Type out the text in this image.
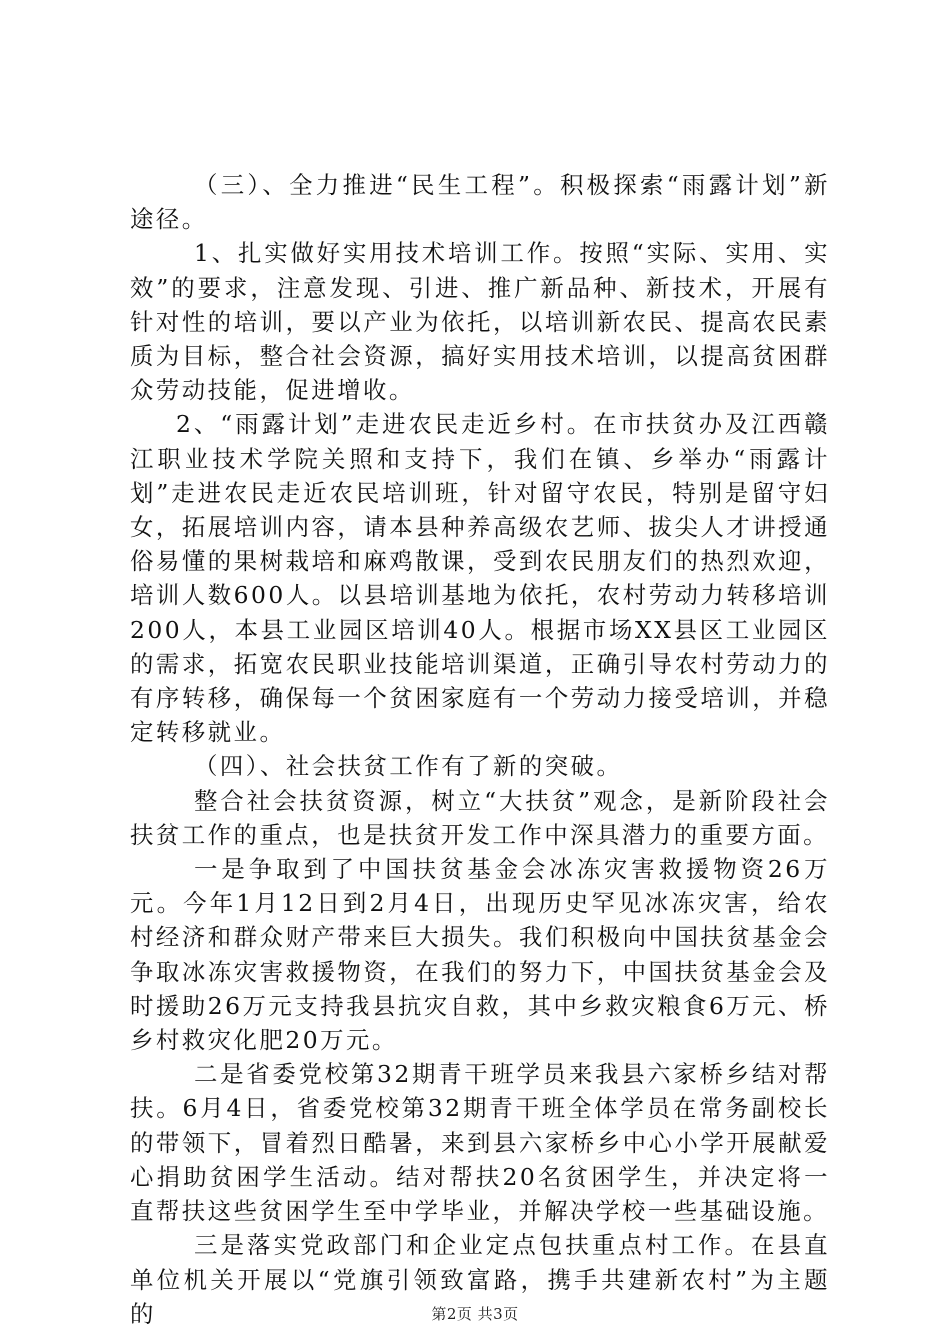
（三）、全力推进“民生工程”。积极探索“雨露计划”新途径。

1、扎实做好实用技术培训工作。按照“实际、实用、实效”的要求，注意发现、引进、推广新品种、新技术，开展有针对性的培训，要以产业为依托，以培训新农民、提高农民素质为目标，整合社会资源，搞好实用技术培训，以提高贫困群众劳动技能，促进增收。

2、“雨露计划”走进农民走近乡村。在市扶贫办及江西赣江职业技术学院关照和支持下，我们在镇、乡举办“雨露计划”走进农民走近农民培训班，针对留守农民，特别是留守妇女，拓展培训内容，请本县种养高级农艺师、拔尖人才讲授通俗易懂的果树栽培和麻鸡散课，受到农民朋友们的热烈欢迎，培训人数600人。以县培训基地为依托，农村劳动力转移培训200人，本县工业园区培训40人。根据市场XX县区工业园区的需求，拓宽农民职业技能培训渠道，正确引导农村劳动力的有序转移，确保每一个贫困家庭有一个劳动力接受培训，并稳定转移就业。

（四）、社会扶贫工作有了新的突破。

整合社会扶贫资源，树立“大扶贫”观念，是新阶段社会扶贫工作的重点，也是扶贫开发工作中深具潜力的重要方面。

一是争取到了中国扶贫基金会冰冻灾害救援物资26万元。今年1月12日到2月4日，出现历史罕见冰冻灾害，给农村经济和群众财产带来巨大损失。我们积极向中国扶贫基金会争取冰冻灾害救援物资，在我们的努力下，中国扶贫基金会及时援助26万元支持我县抗灾自救，其中乡救灾粮食6万元、桥乡村救灾化肥20万元。

二是省委党校第32期青干班学员来我县六家桥乡结对帮扶。6月4日，省委党校第32期青干班全体学员在常务副校长的带领下，冒着烈日酷暑，来到县六家桥乡中心小学开展献爱心捐助贫困学生活动。结对帮扶20名贫困学生，并决定将一直帮扶这些贫困学生至中学毕业，并解决学校一些基础设施。

三是落实党政部门和企业定点包扶重点村工作。在县直单位机关开展以“党旗引领致富路，携手共建新农村”为主题的	第2页 共3页
